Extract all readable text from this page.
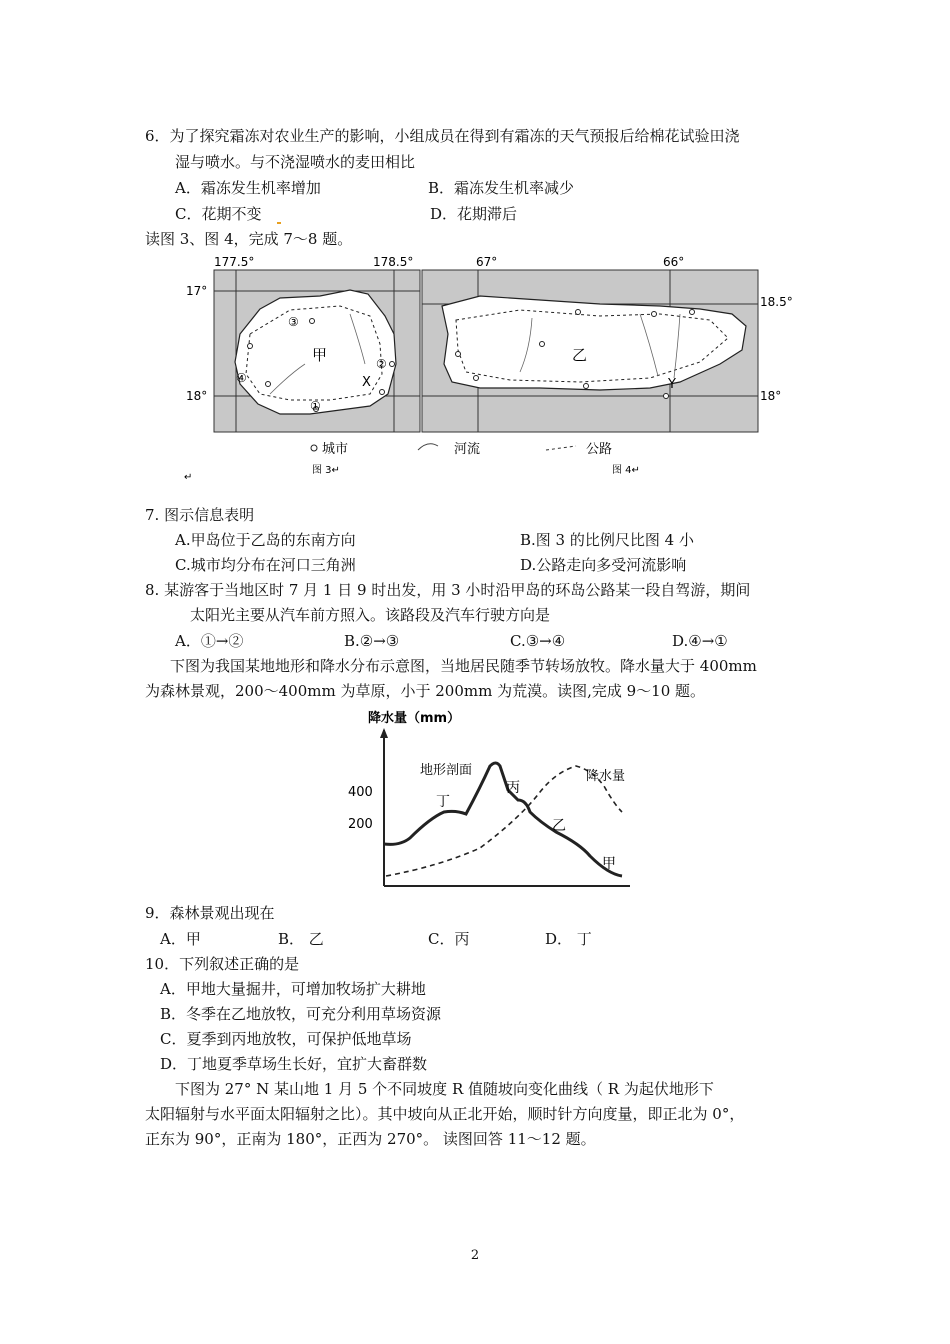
6．为了探究霜冻对农业生产的影响，小组成员在得到有霜冻的天气预报后给棉花试验田浇
湿与喷水。与不浇湿喷水的麦田相比
A．霜冻发生机率增加	B．霜冻发生机率减少
C．花期不变	D．花期滞后
读图 3、图 4，完成 7～8 题。
177.5°	178.5°
17°
18°
甲
X
①
②
③
④
67°	66°
18.5°
18°
乙
Y
城市	河流	公路
图 3↵	图 4↵
↵
7. 图示信息表明
A.甲岛位于乙岛的东南方向	B.图 3 的比例尺比图 4 小
C.城市均分布在河口三角洲	D.公路走向多受河流影响
8. 某游客于当地区时 7 月 1 日 9 时出发，用 3 小时沿甲岛的环岛公路某一段自驾游，期间
太阳光主要从汽车前方照入。该路段及汽车行驶方向是
A．①→②	B.②→③	C.③→④	D.④→①
下图为我国某地地形和降水分布示意图，当地居民随季节转场放牧。降水量大于 400mm
为森林景观，200～400mm 为草原，小于 200mm 为荒漠。读图,完成 9～10 题。
降水量（mm）
400
200
地形剖面	降水量
丁
丙
乙
甲
9．森林景观出现在
A．甲	B． 乙	C．丙	D． 丁
10．下列叙述正确的是
A．甲地大量掘井，可增加牧场扩大耕地
B．冬季在乙地放牧，可充分利用草场资源
C．夏季到丙地放牧，可保护低地草场
D．丁地夏季草场生长好，宜扩大畜群数
下图为 27° N 某山地 1 月 5 个不同坡度 R 值随坡向变化曲线（ R 为起伏地形下
太阳辐射与水平面太阳辐射之比）。其中坡向从正北开始，顺时针方向度量，即正北为 0°，
正东为 90°，正南为 180°，正西为 270°。 读图回答 11～12 题。
2
